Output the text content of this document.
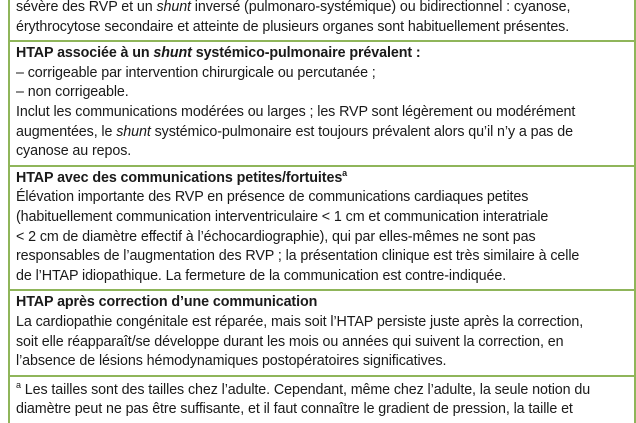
sévère des RVP et un shunt inversé (pulmonaro-systémique) ou bidirectionnel : cyanose,
érythrocytose secondaire et atteinte de plusieurs organes sont habituellement présentes.
HTAP associée à un shunt systémico-pulmonaire prévalent :
– corrigeable par intervention chirurgicale ou percutanée ;
– non corrigeable.
Inclut les communications modérées ou larges ; les RVP sont légèrement ou modérément
augmentées, le shunt systémico-pulmonaire est toujours prévalent alors qu’il n’y a pas de
cyanose au repos.
HTAP avec des communications petites/fortuites$^a$
Élévation importante des RVP en présence de communications cardiaques petites
(habituellement communication interventriculaire < 1 cm et communication interatriale
< 2 cm de diamètre effectif à l’échocardiographie), qui par elles-mêmes ne sont pas
responsables de l’augmentation des RVP ; la présentation clinique est très similaire à celle
de l’HTAP idiopathique. La fermeture de la communication est contre-indiquée.
HTAP après correction d’une communication
La cardiopathie congénitale est réparée, mais soit l’HTAP persiste juste après la correction,
soit elle réapparaît/se développe durant les mois ou années qui suivent la correction, en
l’absence de lésions hémodynamiques postopératoires significatives.
$^a$ Les tailles sont des tailles chez l’adulte. Cependant, même chez l’adulte, la seule notion du
diamètre peut ne pas être suffisante, et il faut connaître le gradient de pression, la taille et
